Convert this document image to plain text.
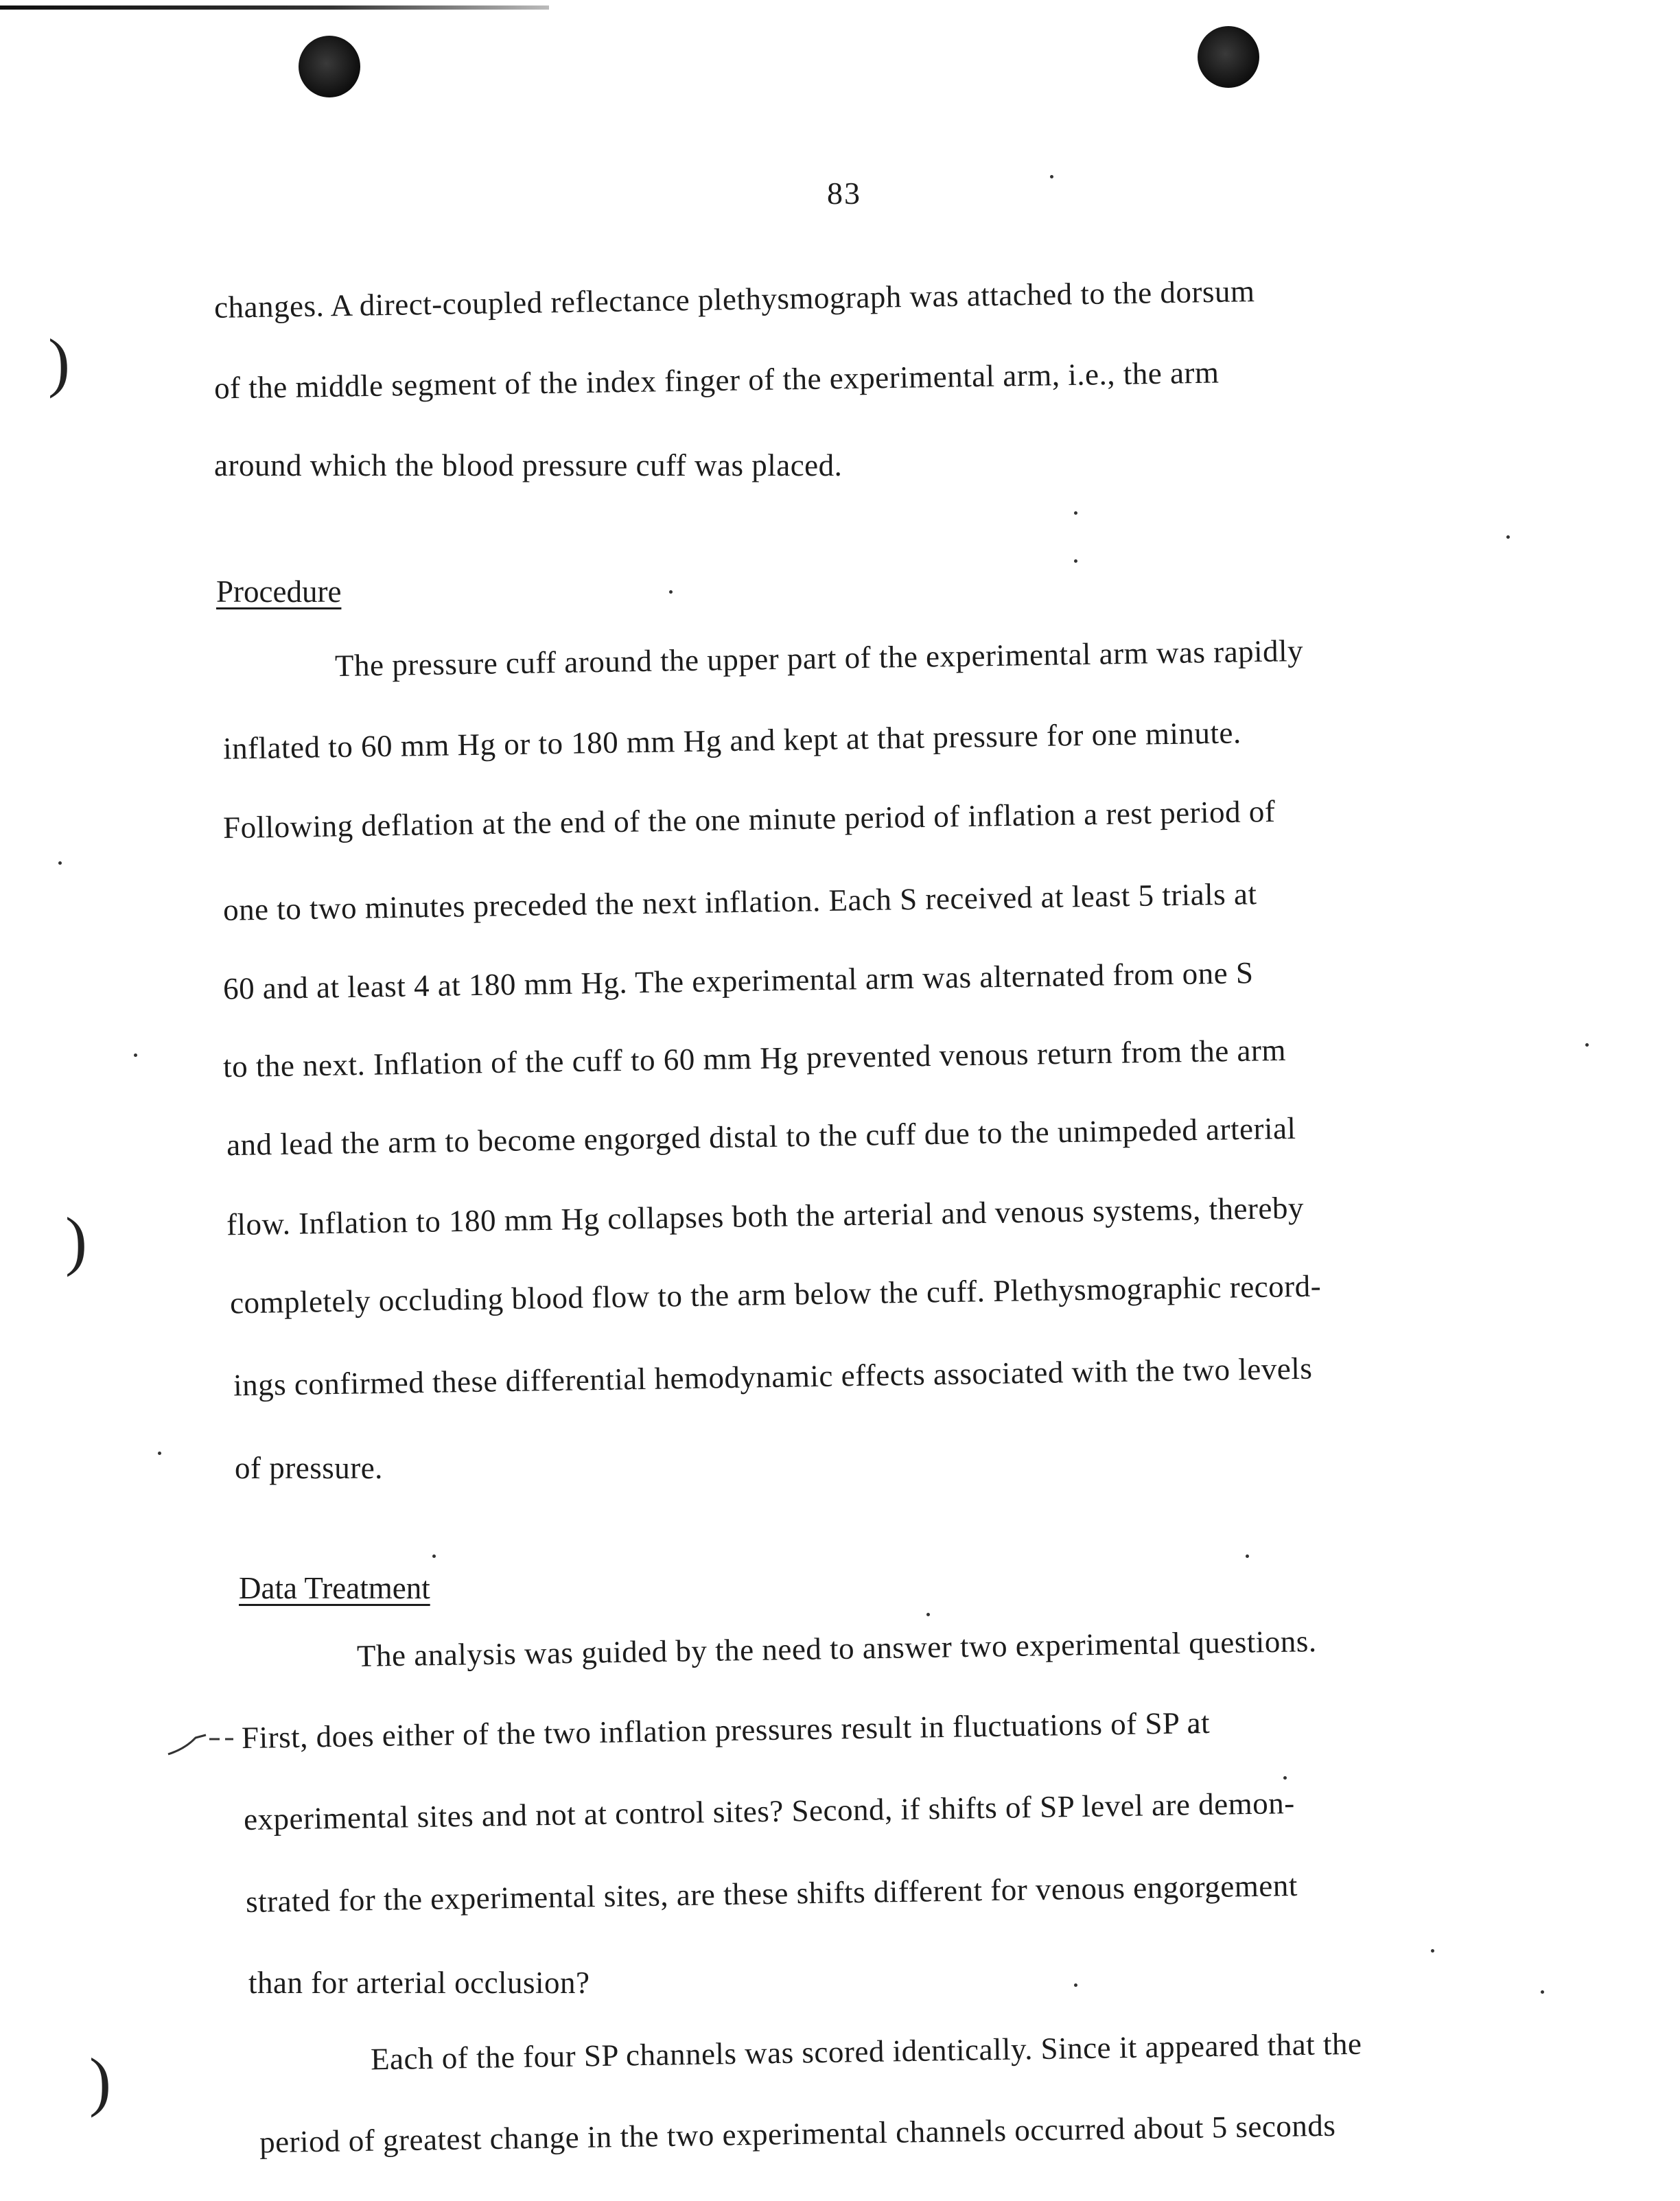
)
)
)
83
changes. A direct-coupled reflectance plethysmograph was attached to the dorsum
of the middle segment of the index finger of the experimental arm, i.e., the arm
around which the blood pressure cuff was placed.
Procedure
The pressure cuff around the upper part of the experimental arm was rapidly
inflated to 60 mm Hg or to 180 mm Hg and kept at that pressure for one minute.
Following deflation at the end of the one minute period of inflation a rest period of
one to two minutes preceded the next inflation. Each S received at least 5 trials at
60 and at least 4 at 180 mm Hg. The experimental arm was alternated from one S
to the next. Inflation of the cuff to 60 mm Hg prevented venous return from the arm
and lead the arm to become engorged distal to the cuff due to the unimpeded arterial
flow. Inflation to 180 mm Hg collapses both the arterial and venous systems, thereby
completely occluding blood flow to the arm below the cuff. Plethysmographic record-
ings confirmed these differential hemodynamic effects associated with the two levels
of pressure.
Data Treatment
The analysis was guided by the need to answer two experimental questions.
First, does either of the two inflation pressures result in fluctuations of SP at
experimental sites and not at control sites? Second, if shifts of SP level are demon-
strated for the experimental sites, are these shifts different for venous engorgement
than for arterial occlusion?
Each of the four SP channels was scored identically. Since it appeared that the
period of greatest change in the two experimental channels occurred about 5 seconds
